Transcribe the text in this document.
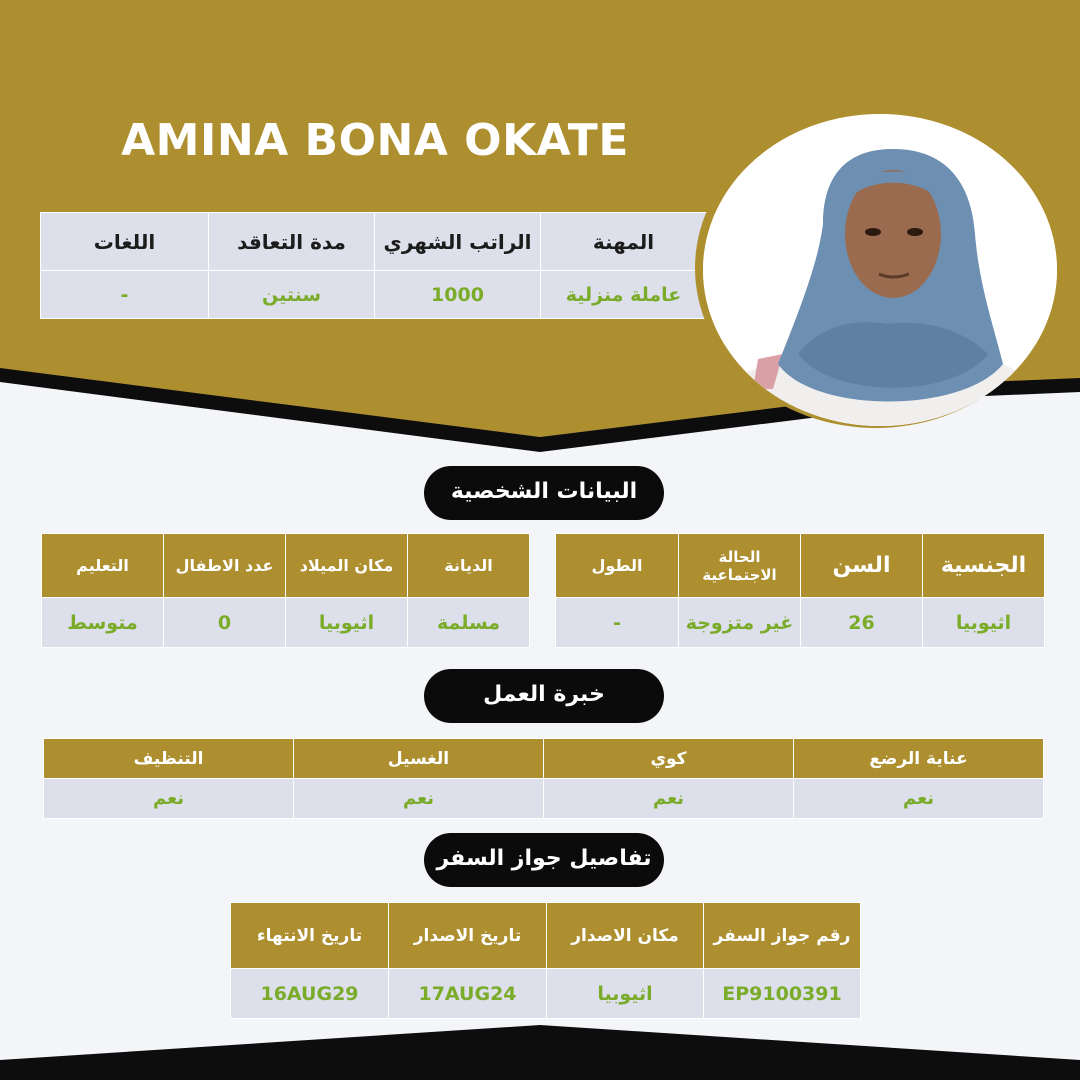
AMINA BONA OKATE
المهنة	الراتب الشهري	مدة التعاقد	اللغات
عاملة منزلية	1000	سنتين	-
البيانات الشخصية
الجنسية	السن	الحالة الاجتماعية	الطول
اثيوبيا	26	غير متزوجة	-
الديانة	مكان الميلاد	عدد الاطفال	التعليم
مسلمة	اثيوبيا	0	متوسط
خبرة العمل
عناية الرضع	كوي	الغسيل	التنظيف
نعم	نعم	نعم	نعم
تفاصيل جواز السفر
رقم جواز السفر	مكان الاصدار	تاريخ الاصدار	تاريخ الانتهاء
EP9100391	اثيوبيا	17AUG24	16AUG29
